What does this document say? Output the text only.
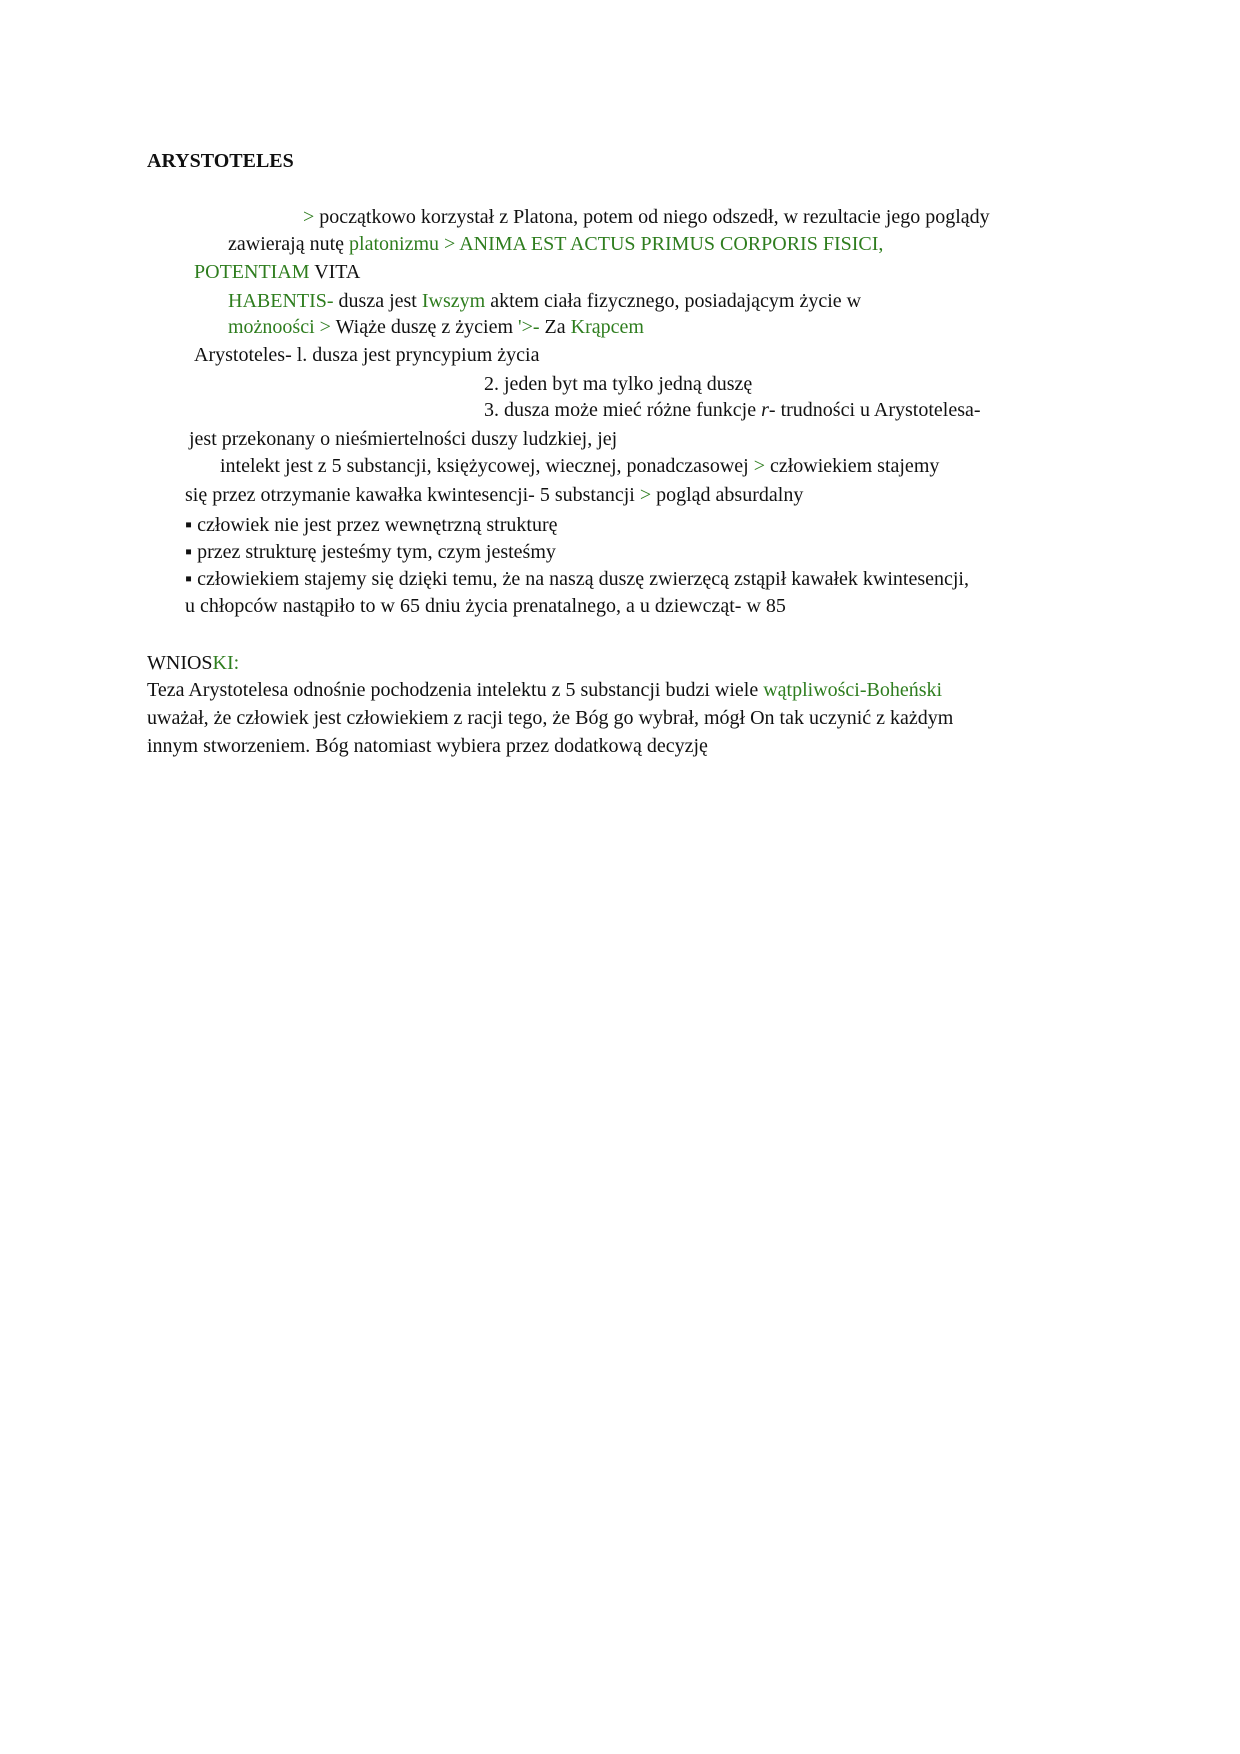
ARYSTOTELES
> początkowo korzystał z Platona, potem od niego odszedł, w rezultacie jego poglądy
zawierają nutę platonizmu > ANIMA EST ACTUS PRIMUS CORPORIS FISICI,
POTENTIAM VITA
HABENTIS- dusza jest Iwszym aktem ciała fizycznego, posiadającym życie w
możnoości > Wiąże duszę z życiem '>- Za Krąpcem
Arystoteles- l. dusza jest pryncypium życia
2. jeden byt ma tylko jedną duszę
3. dusza może mieć różne funkcje r- trudności u Arystotelesa-
jest przekonany o nieśmiertelności duszy ludzkiej, jej
intelekt jest z 5 substancji, księżycowej, wiecznej, ponadczasowej > człowiekiem stajemy
się przez otrzymanie kawałka kwintesencji- 5 substancji > pogląd absurdalny
▪ człowiek nie jest przez wewnętrzną strukturę
▪ przez strukturę jesteśmy tym, czym jesteśmy
▪ człowiekiem stajemy się dzięki temu, że na naszą duszę zwierzęcą zstąpił kawałek kwintesencji,
u chłopców nastąpiło to w 65 dniu życia prenatalnego, a u dziewcząt- w 85
WNIOSKI:
Teza Arystotelesa odnośnie pochodzenia intelektu z 5 substancji budzi wiele wątpliwości-Boheński
uważał, że człowiek jest człowiekiem z racji tego, że Bóg go wybrał, mógł On tak uczynić z każdym
innym stworzeniem. Bóg natomiast wybiera przez dodatkową decyzję
